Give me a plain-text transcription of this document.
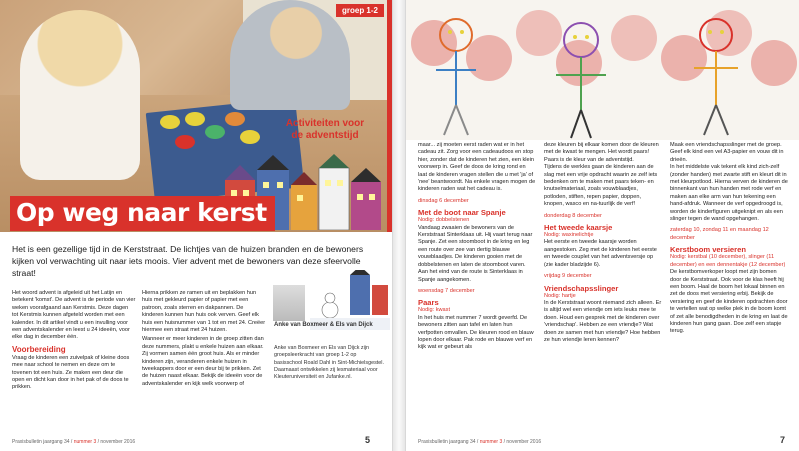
groep 1-2
Activiteiten voor de adventstijd
Op weg naar kerst
Het is een gezellige tijd in de Kerststraat. De lichtjes van de huizen branden en de bewoners kijken vol verwachting uit naar iets moois. Vier advent met de bewoners van deze sfeervolle straat!

Het woord advent is afgeleid uit het Latijn en betekent 'komst'. De advent is de periode van vier weken voorafgaand aan Kerstmis. Deze dagen tot Kerstmis kunnen afgeteld worden met een kalender. In dit artikel vindt u een invulling voor een adventskalender en leest u 24 ideeën, voor elke dag in december één.

Voorbereiding

Vraag de kinderen een zuivelpak of kleine doos mee naar school te nemen en deze om te tovenen tot een huis. Ze maken een deur die open en dicht kan door in het pak of de doos te prikken.

Hierna prikken ze ramen uit en beplakken hun huis met gekleurd papier of papier met een patroon, zoals sterren en dakpannen. De kinderen kunnen hun huis ook verven. Geef elk huis een huisnummer van 1 tot en met 24. Creëer hiermee een straat met 24 huizen.

Wanneer er meer kinderen in de groep zitten dan deze nummers, plakt u enkele huizen aan elkaar. Zij vormen samen één groot huis. Als er minder kinderen zijn, veranderen enkele huizen in tweekappers door er een deur bij te prikken. Zet de huizen naast elkaar. Bekijk de ideeën voor de adventskalender en kijk welk voorwerp of

Anke van Boxmeer & Els van Dijck

Anke van Boxmeer en Els van Dijck zijn groepsleerkracht van groep 1-2 op basisschool Roald Dahl in Sint-Michielsgestel. Daarnaast ontwikkelen zij lesmateriaal voor Kleuteruniversiteit en Jufanke.nl.

Praxisbulletin jaargang 34 / nummer 3 / november 2016	5

maar... zij moeten eerst raden wat er in het cadeau zit. Zorg voor een cadeaudoos en stop hier, zonder dat de kinderen het zien, een klein voorwerp in. Geef de doos de kring rond en laat de kinderen vragen stellen die u met 'ja' of 'nee' beantwoordt. Na enkele vragen mogen de kinderen raden wat het cadeau is.

dinsdag 6 december
Met de boot naar Spanje
Nodig: dobbelstenen

Vandaag zwaaien de bewoners van de Kerststraat Sinterklaas uit. Hij vaart terug naar Spanje. Zet een stoomboot in de kring en leg een route over zee van dertig blauwe vouwblaadjes. De kinderen gooien met de dobbelstenen en laten de stoomboot varen. Aan het eind van de route is Sinterklaas in Spanje aangekomen.

woensdag 7 december
Paars
Nodig: kwast

In het huis met nummer 7 wordt geverfd. De bewoners zitten aan tafel en laten hun verfpotten omvallen. De kleuren rood en blauw lopen door elkaar. Pak rode en blauwe verf en kijk wat er gebeurt als

deze kleuren bij elkaar komen door de kleuren met de kwast te mengen. Het wordt paars! Paars is de kleur van de adventstijd.

Tijdens de werkles gaan de kinderen aan de slag met een vrije opdracht waarin ze zelf iets bedenken om te maken met paars teken- en knutselmateriaal, zoals vouwblaadjes, potloden, stiften, repen papier, doppen, knopen, wasco en na-tuurlijk de verf!

donderdag 8 december
Het tweede kaarsje
Nodig: waxinelichtje

Het eerste en tweede kaarsje worden aangestoken. Zeg met de kinderen het eerste en tweede couplet van het adventsversje op (zie kader bladzijde 6).

vrijdag 9 december
Vriendschapsslinger
Nodig: hartje

In de Kerststraat woont niemand zich alleen. Er is altijd wel een vriendje om iets leuks mee te doen. Houd een gesprek met de kinderen over 'vriendschap'. Hebben ze een vriendje? Wat doen ze samen met hun vriendje? Hoe hebben ze hun vriendje leren kennen?

Maak een vriendschapsslinger met de groep. Geef elk kind een vel A3-papier en vouw dit in drieën.

In het middelste vak tekent elk kind zich-zelf (zonder handen) met zwarte stift en kleurt dit in met kleurpotlood. Hierna verven de kinderen de binnenkant van hun handen met rode verf en maken aan elke arm van hun tekening een hand-afdruk. Wanneer de verf opgedroogd is, worden de kinderfiguren uitgeknipt en als een slinger tegen de wand opgehangen.

zaterdag 10, zondag 11 en maandag 12 december
Kerstboom versieren
Nodig: kerstbal (10 december), slinger (11 december) en een dennentakje (12 december)

De kerstbomverkoper loopt met zijn bomen door de Kerststraat. Ook voor de klas heeft hij een boom. Haal de boom het lokaal binnen en zet de doos met versiering erbij. Bekijk de versiering en geef de kinderen opdrachten door te vertellen wat op welke plek in de boom komt of zet alle benodigdheden in de kring en laat de kinderen hun gang gaan. Doe zelf een stapje terug.

Praxisbulletin jaargang 34 / nummer 3 / november 2016	7
